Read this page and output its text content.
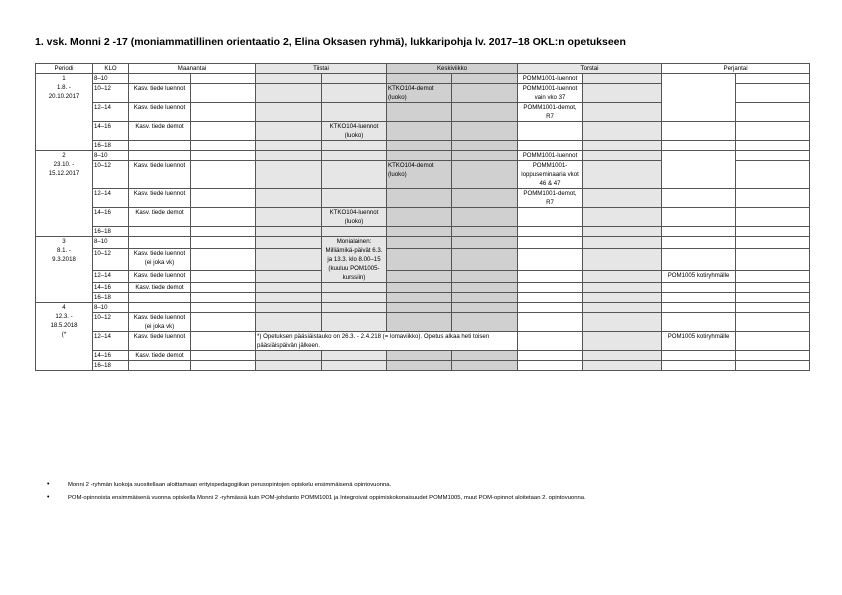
1. vsk. Monni 2 -17 (moniammatillinen orientaatio 2, Elina Oksasen ryhmä), lukkaripohja lv. 2017–18 OKL:n opetukseen
Periodi	KLO	Maanantai		Tiistai		Keskiviikko		Torstai		Perjantai	

1
1.8. -
20.10.2017	8–10							POMM1001-luennot			
	10–12	Kasv. tiede luennot				KTKO104-demot (luoko)		POMM1001-luennot vain vko 37			
	12–14	Kasv. tiede luennot						POMM1001-demot, R7			
	14–16	Kasv. tiede demot			KTKO104-luennot (luoko)						
	16–18										

2
23.10. -
15.12.2017	8–10							POMM1001-luennot			
	10–12	Kasv. tiede luennot				KTKO104-demot (luoko)		POMM1001-loppuseminaaria vkot 46 & 47			
	12–14	Kasv. tiede luennot						POMM1001-demot, R7			
	14–16	Kasv. tiede demot			KTKO104-luennot (luoko)						
	16–18										

3
8.1. -
9.3.2018	8–10				Monialainen: Milliämikä-päivät 6.3. ja 13.3. klo 8.00–15 (kuuluu POM1005-kurssiin)						
	10–12	Kasv. tiede luennot (ei joka vk)									
	12–14	Kasv. tiede luennot								POM1005 kotiryhmälle	
	14–16	Kasv. tiede demot									
	16–18										

4
12.3. -
18.5.2018
(*	8–10										
	10–12	Kasv. tiede luennot (ei joka vk)									
	12–14	Kasv. tiede luennot		*) Opetuksen pääsiäistauko on 26.3. - 2.4.218 (= lomaviikko). Opetus alkaa heti toisen pääsiäispäivän jälkeen.						POM1005 kotiryhmälle	
	14–16	Kasv. tiede demot									
	16–18										
• Monni 2 -ryhmän luokoja suositellaan aloittamaan erityispedagogiikan perusopintojen opiskelu ensimmäisenä opintovuonna.
• POM-opinnoista ensimmäisenä vuonna opiskella Monni 2 -ryhmässä kuin POM-johdanto POMM1001 ja Integroivat oppimiskokonaisuudet POMM1005, muut POM-opinnot aloitetaan 2. opintovuonna.
